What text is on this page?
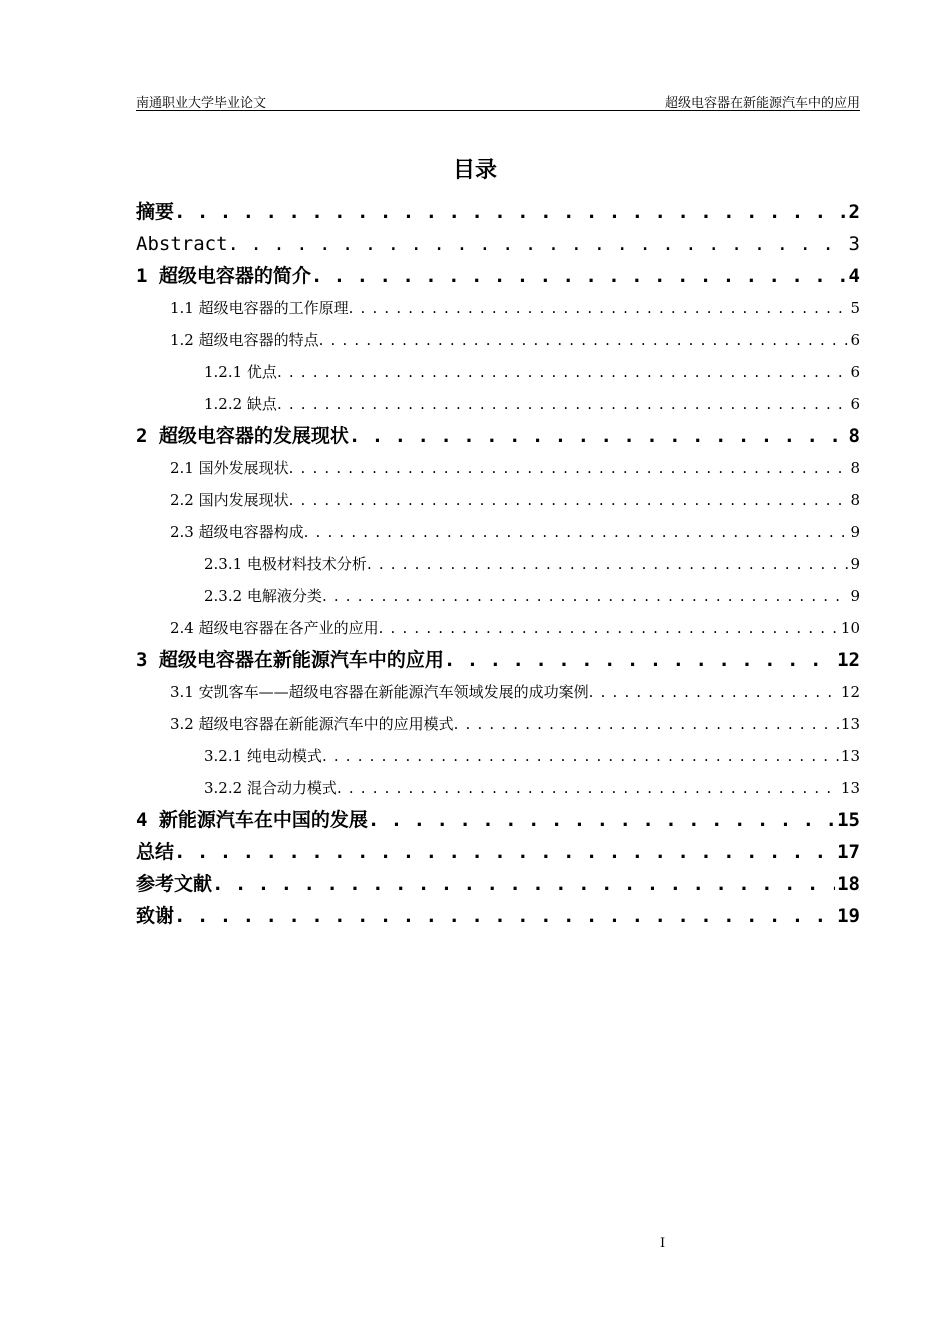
南通职业大学毕业论文	超级电容器在新能源汽车中的应用
目录
摘要 . . .	2
Abstract . . .	3
1 超级电容器的简介 . . .	4
1.1 超级电容器的工作原理 . . .	5
1.2 超级电容器的特点 . . .	6
1.2.1 优点 . . .	6
1.2.2 缺点 . . .	6
2 超级电容器的发展现状 . . .	8
2.1 国外发展现状 . . .	8
2.2 国内发展现状 . . .	8
2.3 超级电容器构成 . . .	9
2.3.1 电极材料技术分析 . . .	9
2.3.2 电解液分类 . . .	9
2.4 超级电容器在各产业的应用 . . .	10
3 超级电容器在新能源汽车中的应用 . . .	12
3.1 安凯客车——超级电容器在新能源汽车领域发展的成功案例 . . .	12
3.2 超级电容器在新能源汽车中的应用模式 . . .	13
3.2.1 纯电动模式 . . .	13
3.2.2 混合动力模式 . . .	13
4 新能源汽车在中国的发展 . . .	15
总结 . . .	17
参考文献 . . .	18
致谢 . . .	19
I
